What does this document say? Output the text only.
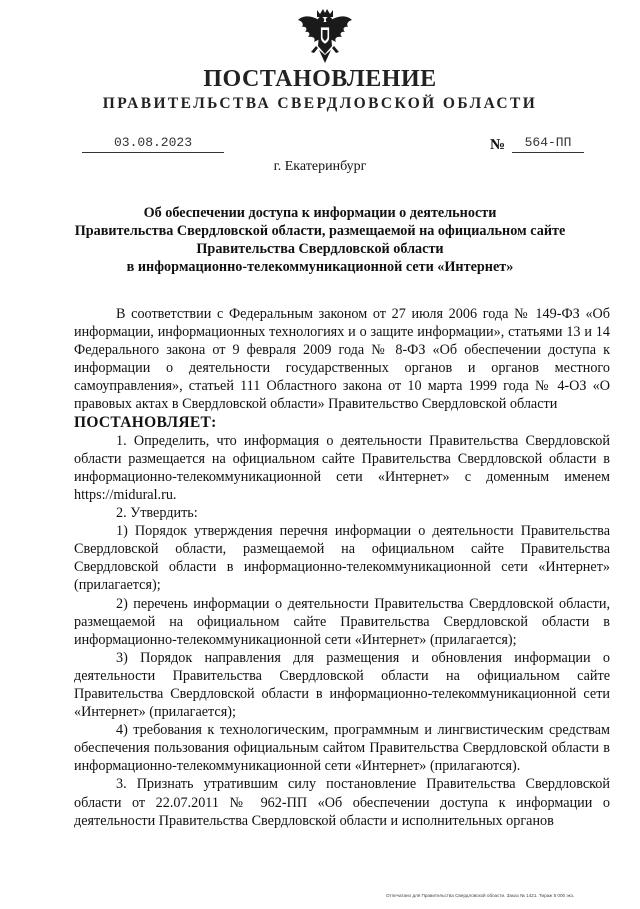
ПОСТАНОВЛЕНИЕ
ПРАВИТЕЛЬСТВА СВЕРДЛОВСКОЙ ОБЛАСТИ
03.08.2023	№	564-ПП
г. Екатеринбург
Об обеспечении доступа к информации о деятельности
Правительства Свердловской области, размещаемой на официальном сайте
Правительства Свердловской области
в информационно-телекоммуникационной сети «Интернет»

В соответствии с Федеральным законом от 27 июля 2006 года № 149-ФЗ «Об информации, информационных технологиях и о защите информации», статьями 13 и 14 Федерального закона от 9 февраля 2009 года № 8-ФЗ «Об обеспечении доступа к информации о деятельности государственных органов и органов местного самоуправления», статьей 111 Областного закона от 10 марта 1999 года № 4-ОЗ «О правовых актах в Свердловской области» Правительство Свердловской области

ПОСТАНОВЛЯЕТ:

1. Определить, что информация о деятельности Правительства Свердловской области размещается на официальном сайте Правительства Свердловской области в информационно-телекоммуникационной сети «Интернет» с доменным именем https://midural.ru.

2. Утвердить:

1) Порядок утверждения перечня информации о деятельности Правительства Свердловской области, размещаемой на официальном сайте Правительства Свердловской области в информационно-телекоммуникационной сети «Интернет» (прилагается);

2) перечень информации о деятельности Правительства Свердловской области, размещаемой на официальном сайте Правительства Свердловской области в информационно-телекоммуникационной сети «Интернет» (прилагается);

3) Порядок направления для размещения и обновления информации о деятельности Правительства Свердловской области на официальном сайте Правительства Свердловской области в информационно-телекоммуникационной сети «Интернет» (прилагается);

4) требования к технологическим, программным и лингвистическим средствам обеспечения пользования официальным сайтом Правительства Свердловской области в информационно-телекоммуникационной сети «Интернет» (прилагаются).

3. Признать утратившим силу постановление Правительства Свердловской области от 22.07.2011 № 962-ПП «Об обеспечении доступа к информации о деятельности Правительства Свердловской области и исполнительных органов

Отпечатано для Правительства Свердловской области. Заказ № 1421. Тираж 5 000 экз.
